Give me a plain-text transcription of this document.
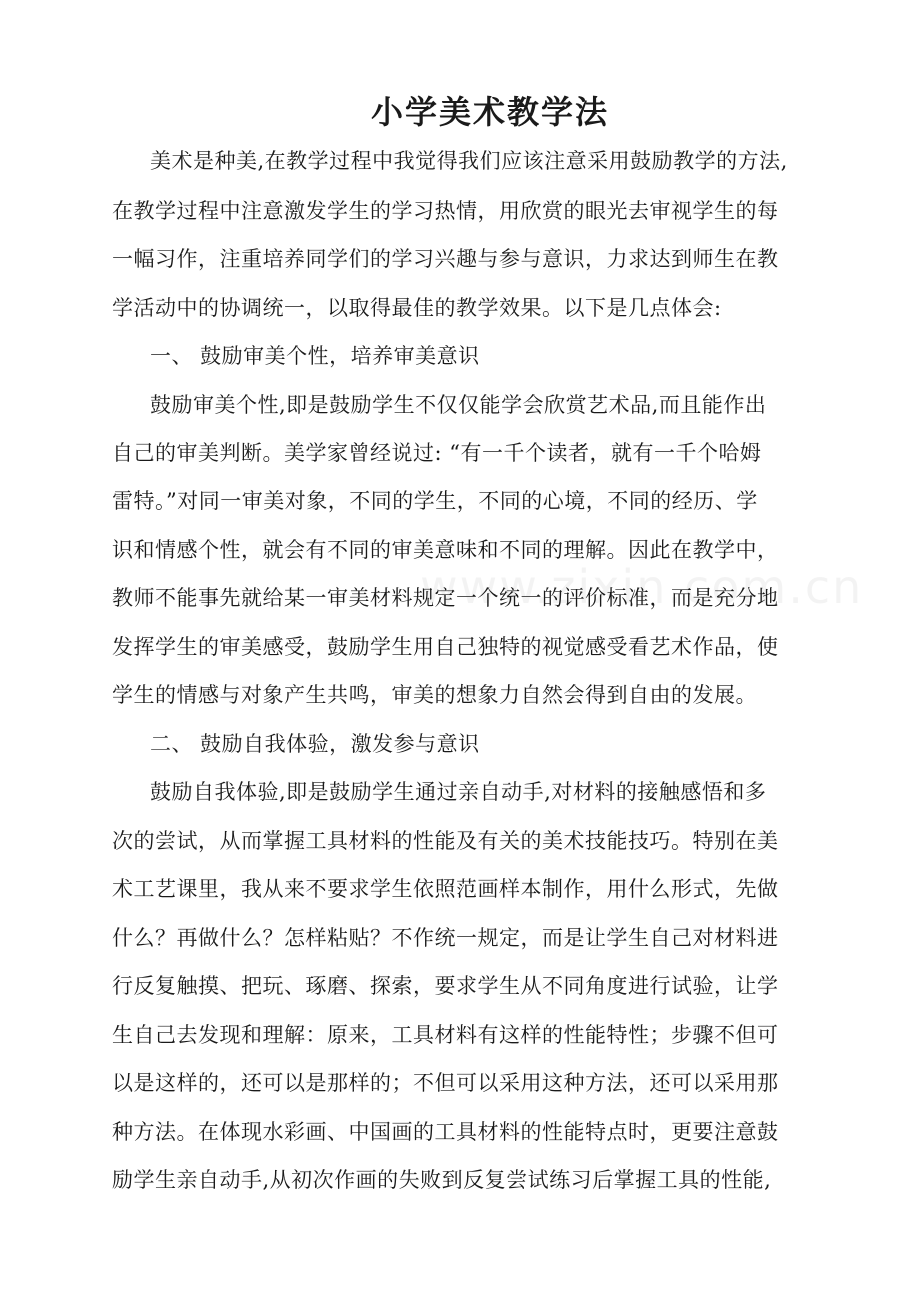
小学美术教学法
美术是种美,在教学过程中我觉得我们应该注意采用鼓励教学的方法,
在教学过程中注意激发学生的学习热情，用欣赏的眼光去审视学生的每
一幅习作，注重培养同学们的学习兴趣与参与意识，力求达到师生在教
学活动中的协调统一，以取得最佳的教学效果。以下是几点体会:
一、 鼓励审美个性，培养审美意识
鼓励审美个性,即是鼓励学生不仅仅能学会欣赏艺术品,而且能作出
自己的审美判断。美学家曾经说过: “有一千个读者，就有一千个哈姆
雷特。”对同一审美对象，不同的学生，不同的心境，不同的经历、学
识和情感个性，就会有不同的审美意味和不同的理解。因此在教学中，
教师不能事先就给某一审美材料规定一个统一的评价标准，而是充分地
发挥学生的审美感受，鼓励学生用自己独特的视觉感受看艺术作品，使
学生的情感与对象产生共鸣，审美的想象力自然会得到自由的发展。
二、 鼓励自我体验，激发参与意识
鼓励自我体验,即是鼓励学生通过亲自动手,对材料的接触感悟和多
次的尝试，从而掌握工具材料的性能及有关的美术技能技巧。特别在美
术工艺课里，我从来不要求学生依照范画样本制作，用什么形式，先做
什么？再做什么？怎样粘贴？不作统一规定，而是让学生自己对材料进
行反复触摸、把玩、琢磨、探索，要求学生从不同角度进行试验，让学
生自己去发现和理解：原来，工具材料有这样的性能特性；步骤不但可
以是这样的，还可以是那样的；不但可以采用这种方法，还可以采用那
种方法。在体现水彩画、中国画的工具材料的性能特点时，更要注意鼓
励学生亲自动手,从初次作画的失败到反复尝试练习后掌握工具的性能,
